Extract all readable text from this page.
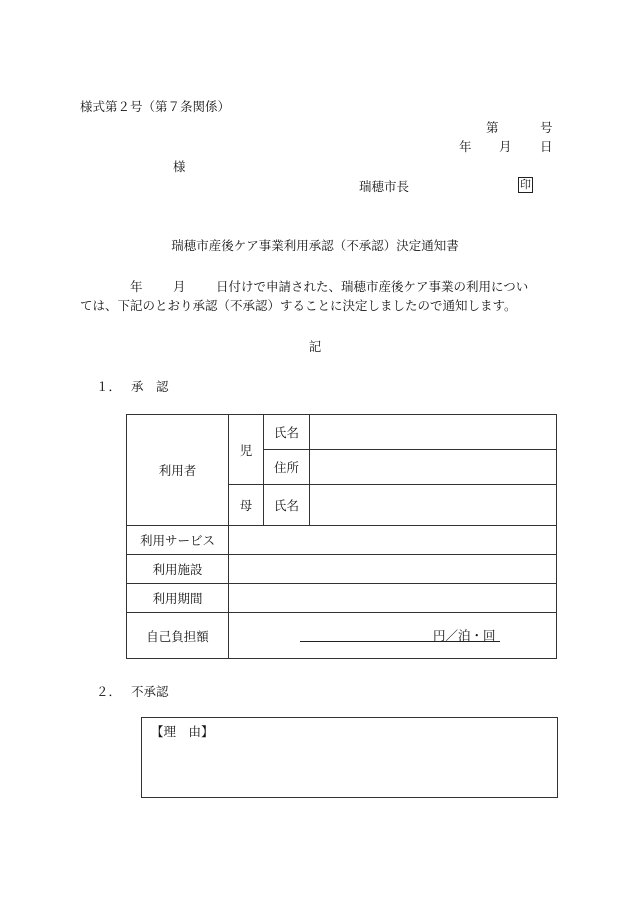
様式第２号（第７条関係）
第	号
年 月 日
様
瑞穂市長	印
瑞穂市産後ケア事業利用承認（不承認）決定通知書
年 月 日付けで申請された、瑞穂市産後ケア事業の利用につい
ては、下記のとおり承認（不承認）することに決定しましたので通知します。
記
１． 承　認
利用者	児	氏名	
		住所	
	母	氏名	
利用サービス			
利用施設			
利用期間			
自己負担額				円／泊・回
２． 不承認
【理　由】
